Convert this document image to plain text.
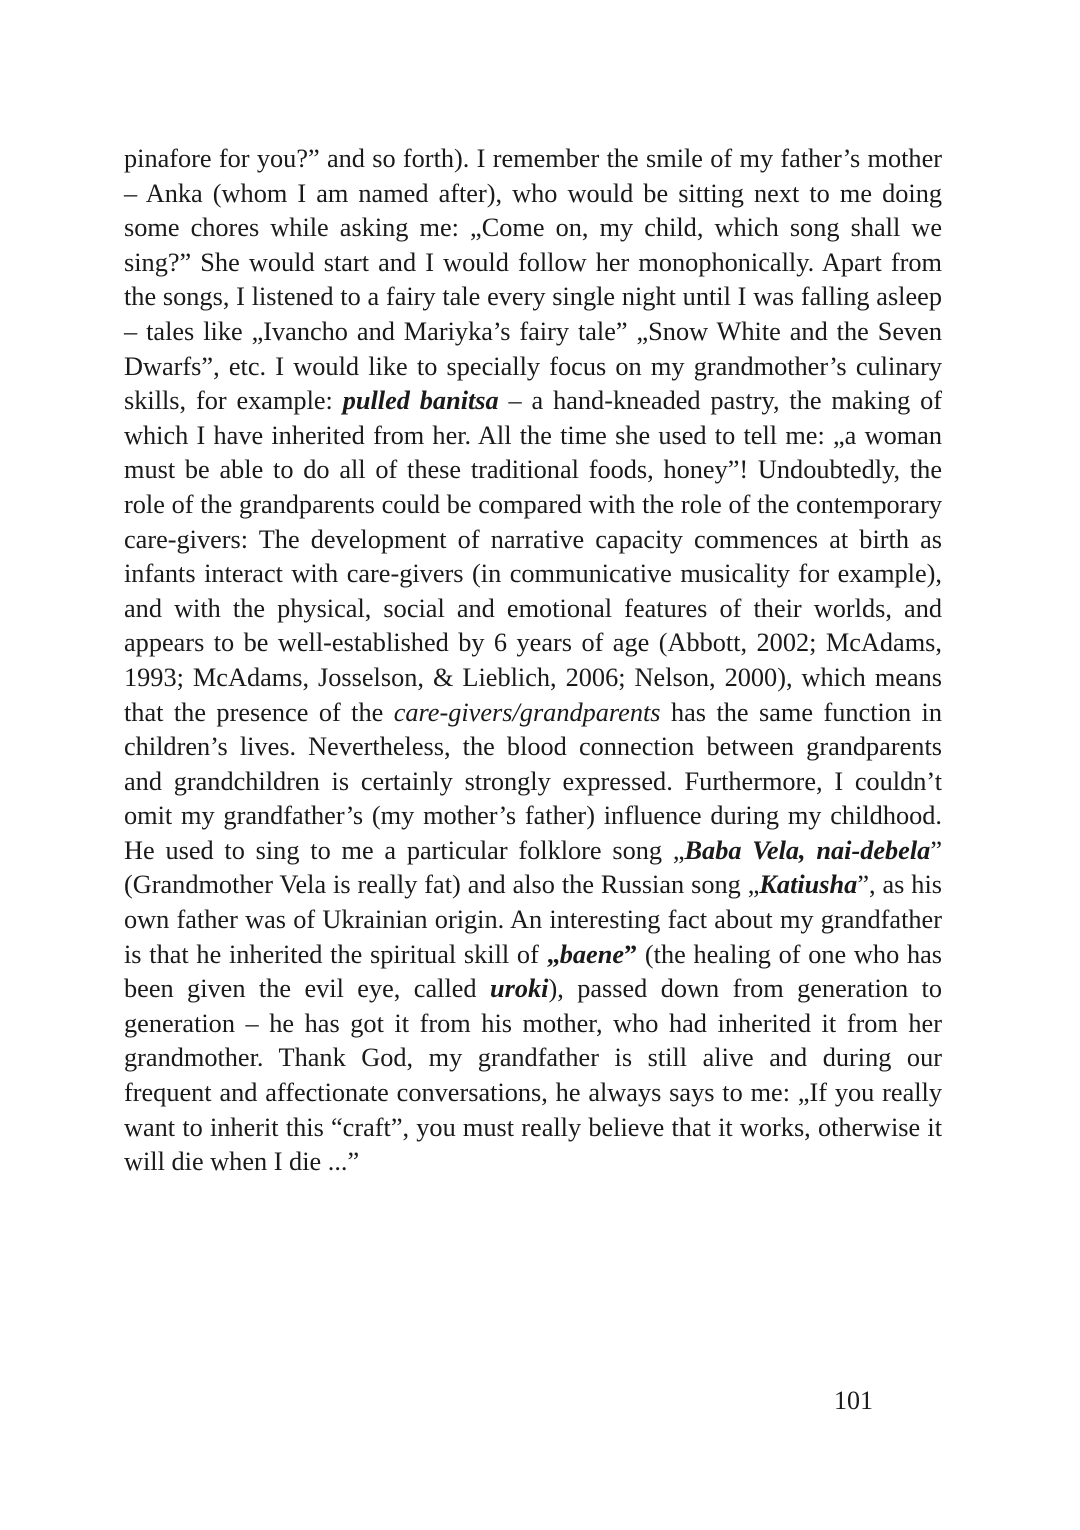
pinafore for you?” and so forth). I remember the smile of my father’s mother – Anka (whom I am named after), who would be sitting next to me doing some chores while asking me: „Come on, my child, which song shall we sing?” She would start and I would follow her monophonically. Apart from the songs, I listened to a fairy tale every single night until I was falling asleep – tales like „Ivancho and Mariyka’s fairy tale” „Snow White and the Seven Dwarfs”, etc. I would like to specially focus on my grandmother’s culinary skills, for example: pulled banitsa – a hand-kneaded pastry, the making of which I have inherited from her. All the time she used to tell me: „a woman must be able to do all of these traditional foods, honey”! Undoubtedly, the role of the grandparents could be compared with the role of the contemporary care-givers: The development of narrative capacity commences at birth as infants interact with care-givers (in communicative musicality for example), and with the physical, social and emotional features of their worlds, and appears to be well-established by 6 years of age (Abbott, 2002; McAdams, 1993; McAdams, Josselson, & Lieblich, 2006; Nelson, 2000), which means that the presence of the care-givers/grandparents has the same function in children’s lives. Nevertheless, the blood connection between grandparents and grandchildren is certainly strongly expressed. Furthermore, I couldn’t omit my grandfather’s (my mother’s father) influence during my childhood. He used to sing to me a particular folklore song „Baba Vela, nai-debela” (Grandmother Vela is really fat) and also the Russian song „Katiusha”, as his own father was of Ukrainian origin. An interesting fact about my grandfather is that he inherited the spiritual skill of „baene” (the healing of one who has been given the evil eye, called uroki), passed down from generation to generation – he has got it from his mother, who had inherited it from her grandmother. Thank God, my grandfather is still alive and during our frequent and affectionate conversations, he always says to me: „If you really want to inherit this “craft”, you must really believe that it works, otherwise it will die when I die ...”

101
